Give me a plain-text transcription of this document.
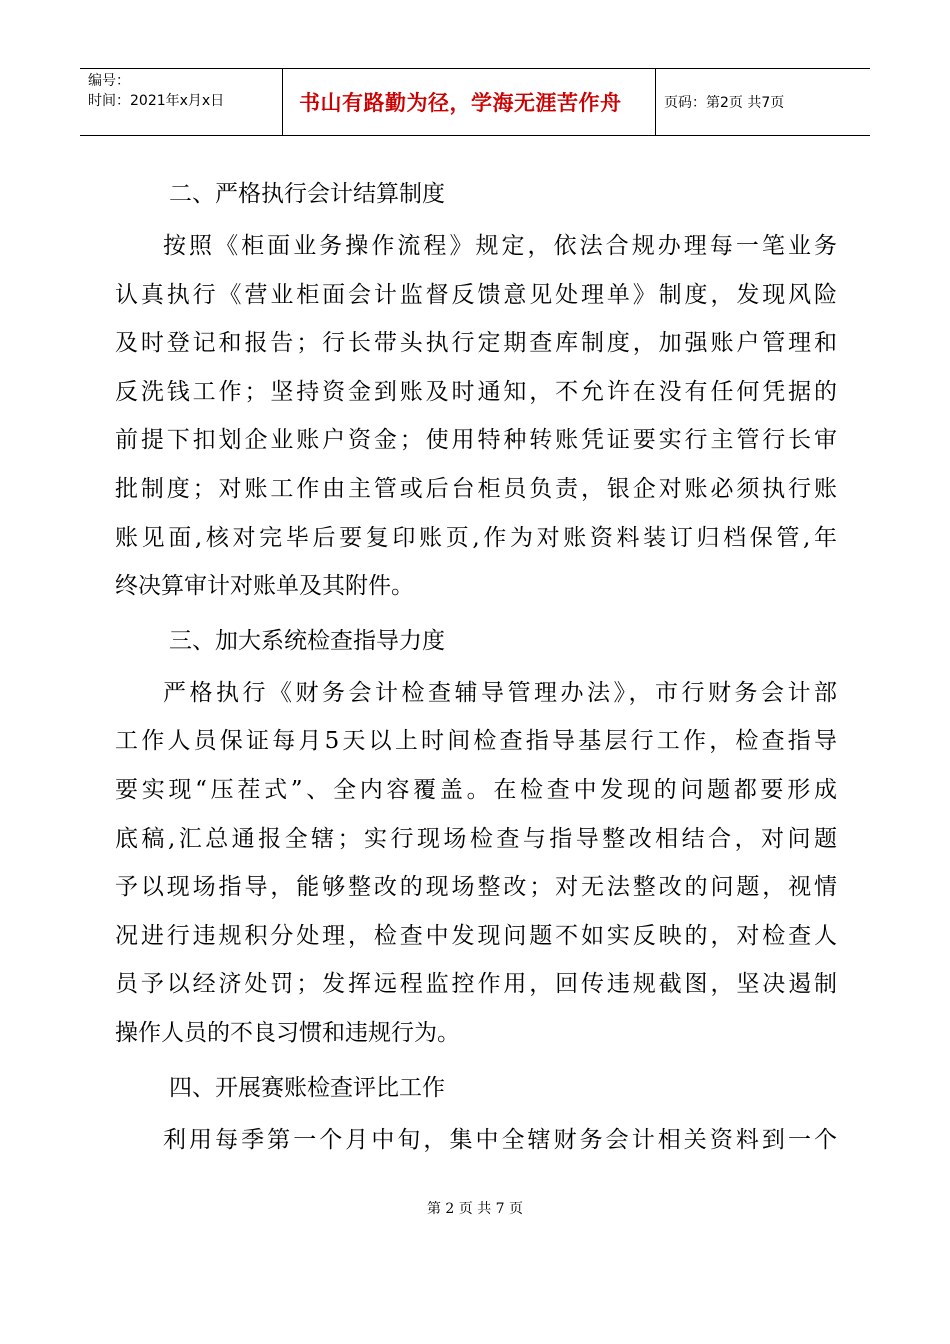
编号：
时间：2021年x月x日	书山有路勤为径，学海无涯苦作舟	页码：第2页 共7页
二、严格执行会计结算制度
按照《柜面业务操作流程》规定，依法合规办理每一笔业务
认真执行《营业柜面会计监督反馈意见处理单》制度，发现风险
及时登记和报告；行长带头执行定期查库制度，加强账户管理和
反洗钱工作；坚持资金到账及时通知，不允许在没有任何凭据的
前提下扣划企业账户资金；使用特种转账凭证要实行主管行长审
批制度；对账工作由主管或后台柜员负责，银企对账必须执行账
账见面,核对完毕后要复印账页,作为对账资料装订归档保管,年
终决算审计对账单及其附件。
三、加大系统检查指导力度
严格执行《财务会计检查辅导管理办法》，市行财务会计部
工作人员保证每月5天以上时间检查指导基层行工作，检查指导
要实现“压茬式”、全内容覆盖。在检查中发现的问题都要形成
底稿,汇总通报全辖；实行现场检查与指导整改相结合，对问题
予以现场指导，能够整改的现场整改；对无法整改的问题，视情
况进行违规积分处理，检查中发现问题不如实反映的，对检查人
员予以经济处罚；发挥远程监控作用，回传违规截图，坚决遏制
操作人员的不良习惯和违规行为。
四、开展赛账检查评比工作
利用每季第一个月中旬，集中全辖财务会计相关资料到一个
第 2 页 共 7 页
